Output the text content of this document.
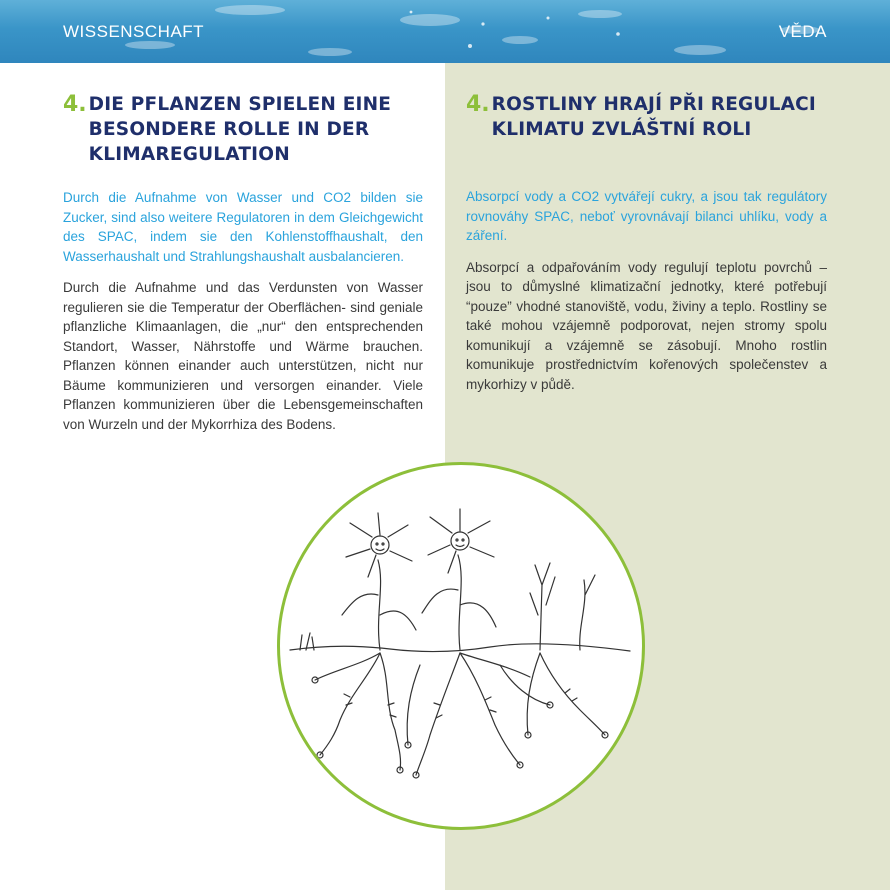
WISSENSCHAFT	VĚDA
4. DIE PFLANZEN SPIELEN EINE BESONDERE ROLLE IN DER KLIMAREGULATION

Durch die Aufnahme von Wasser und CO2 bilden sie Zucker, sind also weitere Regulatoren in dem Gleichgewicht des SPAC, indem sie den Kohlenstoffhaushalt, den Wasserhaushalt und Strahlungshaushalt ausbalancieren.

Durch die Aufnahme und das Verdunsten von Wasser regulieren sie die Temperatur der Oberflächen- sind geniale pflanzliche Klimaanlagen, die „nur“ den entsprechenden Standort, Wasser, Nährstoffe und Wärme brauchen. Pflanzen können einander auch unterstützen, nicht nur Bäume kommunizieren und versorgen einander. Viele Pflanzen kommunizieren über die Lebensgemeinschaften von Wurzeln und der Mykorrhiza des Bodens.

4. ROSTLINY HRAJÍ PŘI REGULACI KLIMATU ZVLÁŠTNÍ ROLI

Absorpcí vody a CO2 vytvářejí cukry, a jsou tak regulátory rovnováhy SPAC, neboť vyrovnávají bilanci uhlíku, vody a záření.

Absorpcí a odpařováním vody regulují teplotu povrchů – jsou to důmyslné klimatizační jednotky, které potřebují “pouze” vhodné stanoviště, vodu, živiny a teplo. Rostliny se také mohou vzájemně podporovat, nejen stromy spolu komunikují a vzájemně se zásobují. Mnoho rostlin komunikuje prostřednictvím kořenových společenstev a mykorhizy v půdě.
